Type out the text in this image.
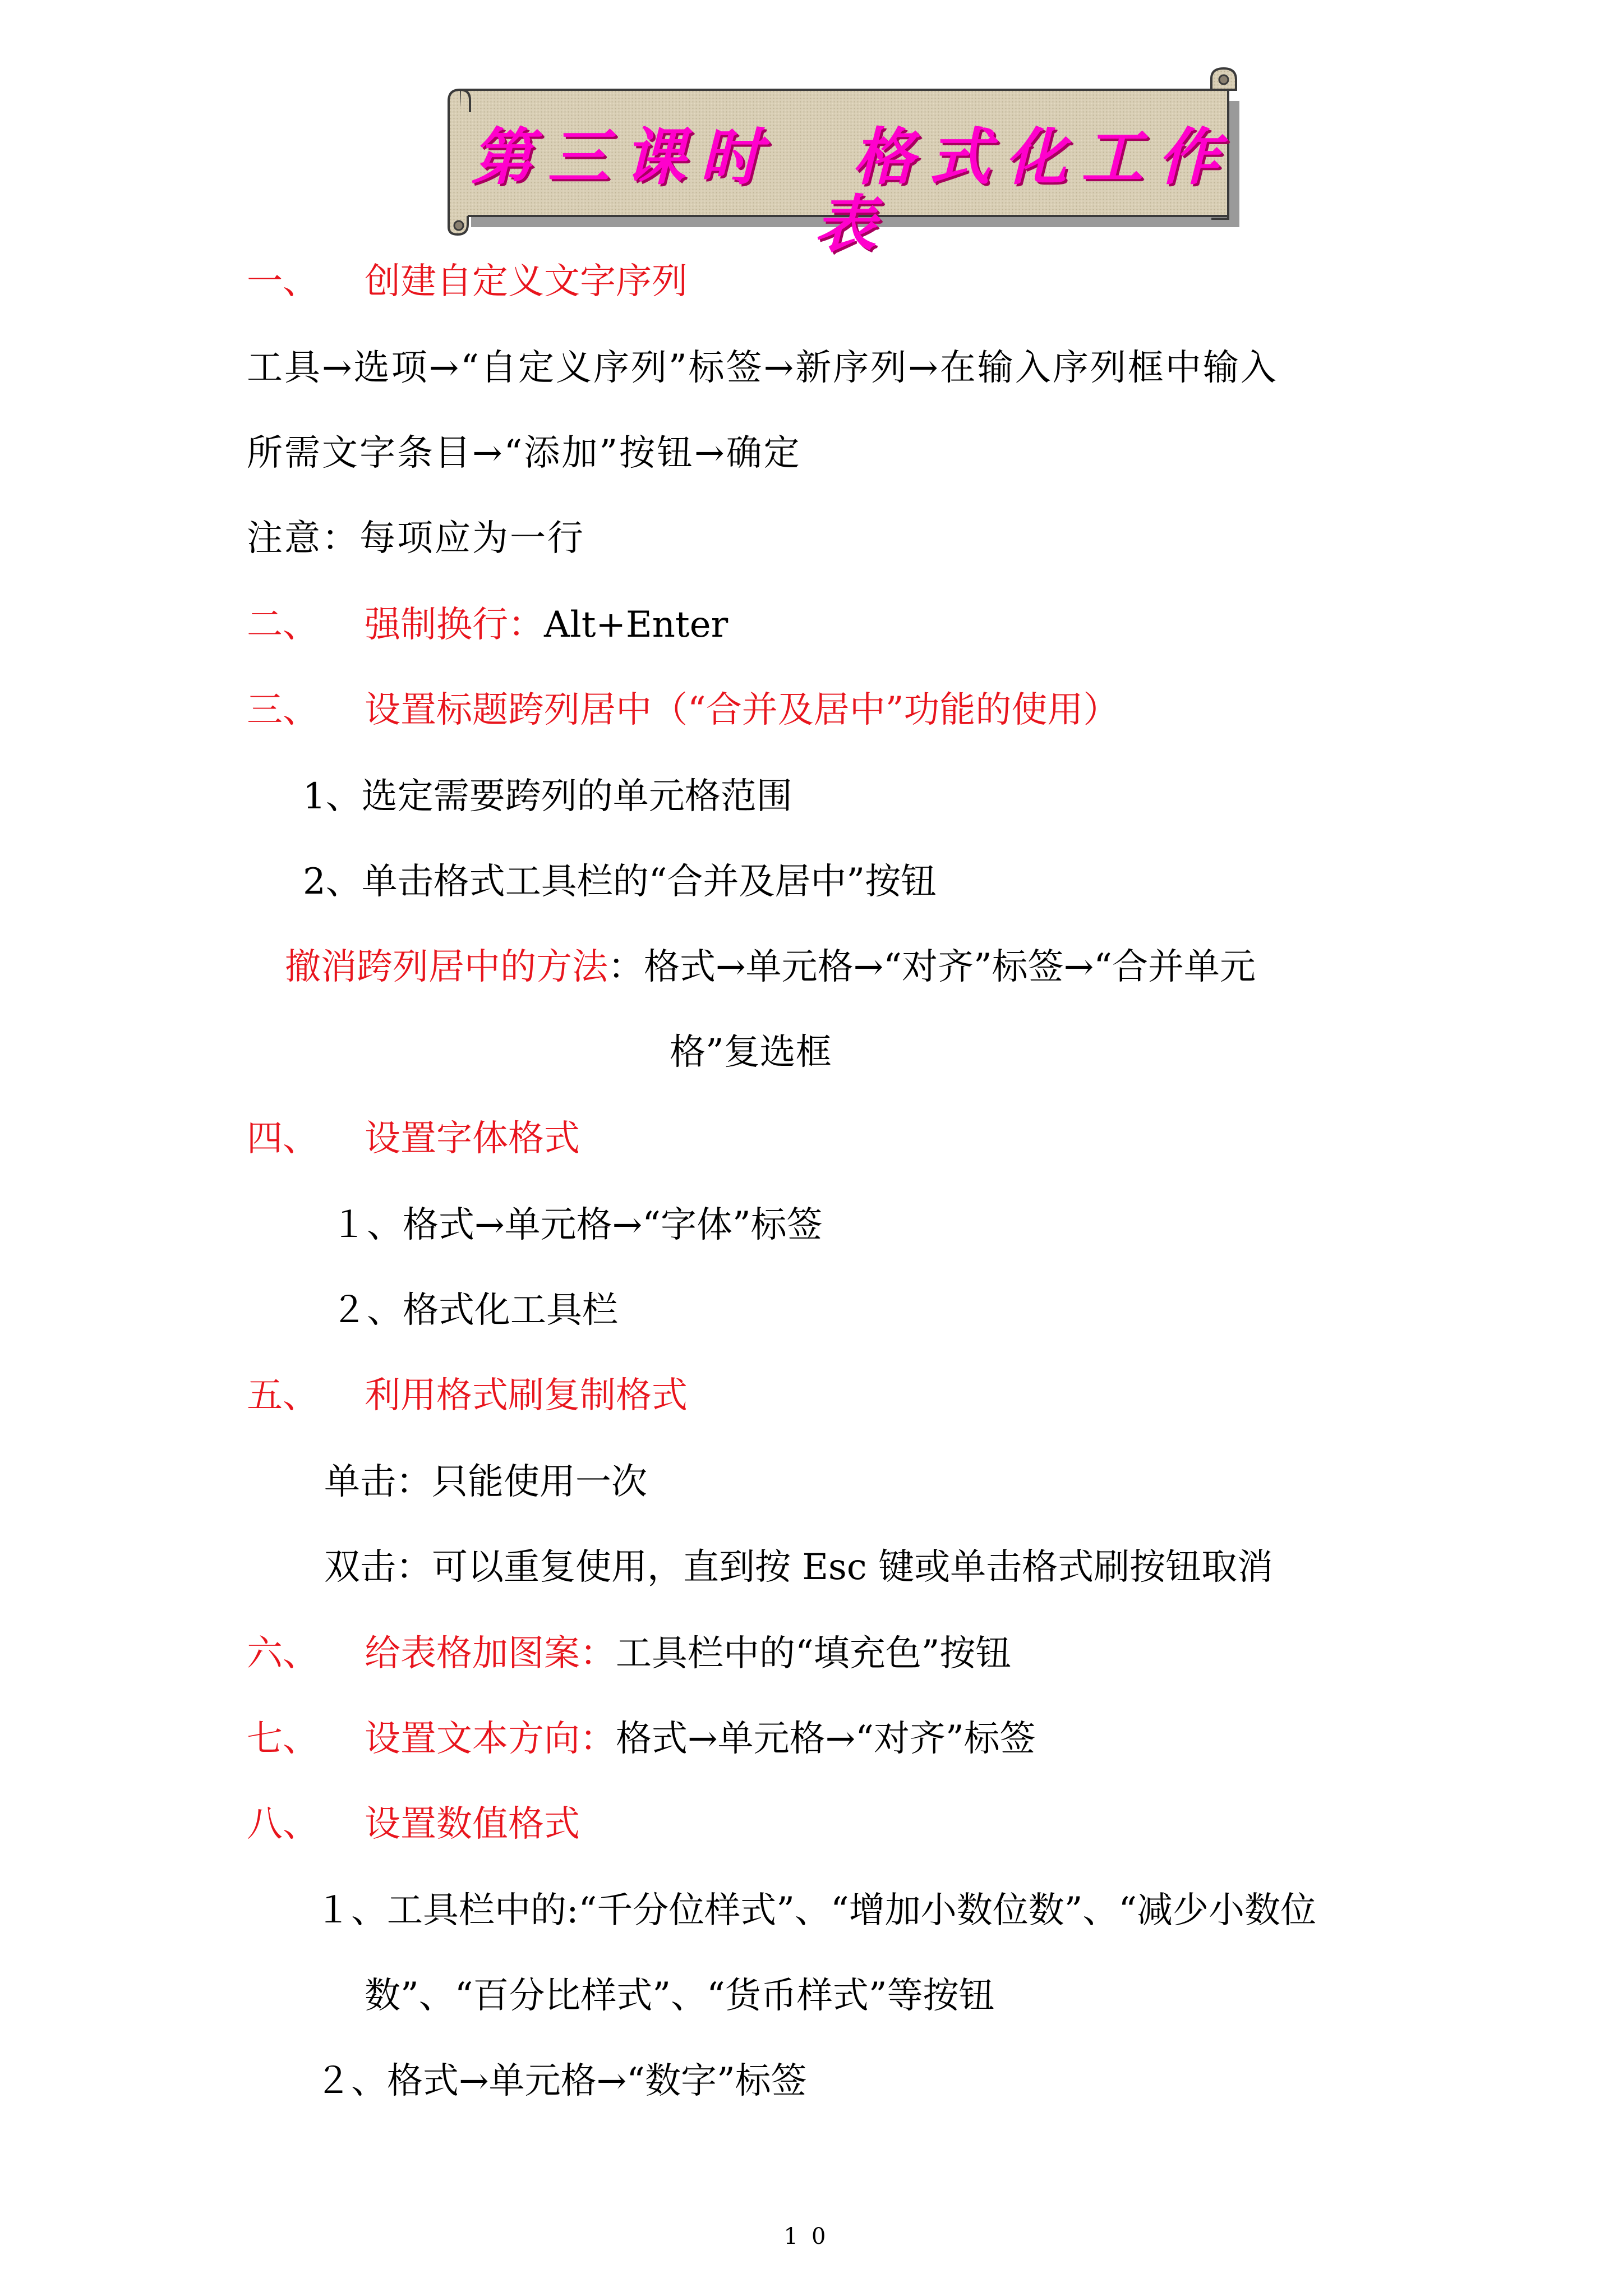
第三课时　格式化工作表

一、 创建自定义文字序列

工具→选项→“自定义序列”标签→新序列→在输入序列框中输入

所需文字条目→“添加”按钮→确定

注意：每项应为一行

二、 强制换行：Alt+Enter

三、 设置标题跨列居中（“合并及居中”功能的使用）

1、选定需要跨列的单元格范围

2、单击格式工具栏的“合并及居中”按钮

撤消跨列居中的方法：格式→单元格→“对齐”标签→“合并单元

格”复选框

四、 设置字体格式

１、格式→单元格→“字体”标签

２、格式化工具栏

五、 利用格式刷复制格式

单击：只能使用一次

双击：可以重复使用，直到按 Esc 键或单击格式刷按钮取消

六、 给表格加图案：工具栏中的“填充色”按钮

七、 设置文本方向：格式→单元格→“对齐”标签

八、 设置数值格式

１、工具栏中的:“千分位样式”、“增加小数位数”、“减少小数位

数”、“百分比样式”、“货币样式”等按钮

２、格式→单元格→“数字”标签

10
